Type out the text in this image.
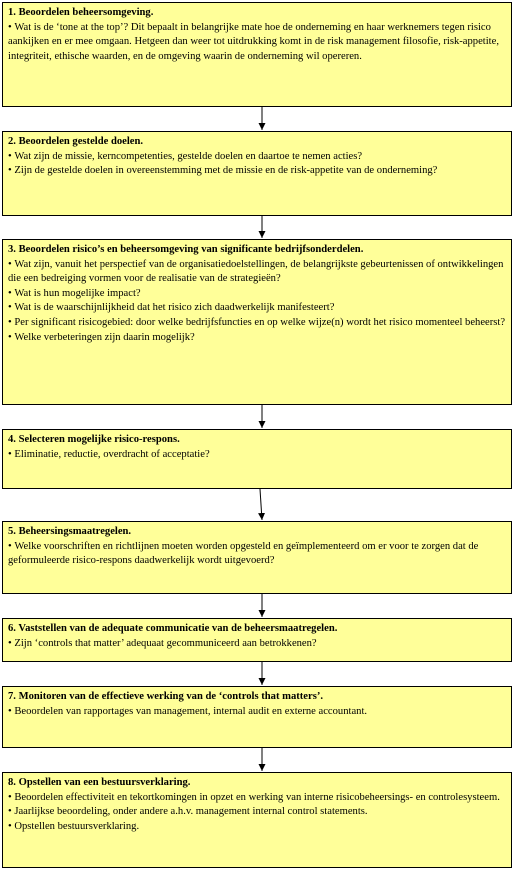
1. Beoordelen beheersomgeving.
• Wat is de ‘tone at the top’? Dit bepaalt in belangrijke mate hoe de onderneming en haar werknemers tegen risico aankijken en er mee omgaan. Hetgeen dan weer tot uitdrukking komt in de risk management filosofie, risk-appetite, integriteit, ethische waarden, en de omgeving waarin de onderneming wil opereren.
2. Beoordelen gestelde doelen.
• Wat zijn de missie, kerncompetenties, gestelde doelen en daartoe te nemen acties?
• Zijn de gestelde doelen in overeenstemming met de missie en de risk-appetite van de onderneming?
3. Beoordelen risico’s en beheersomgeving van significante bedrijfsonderdelen.
• Wat zijn, vanuit het perspectief van de organisatiedoelstellingen, de belangrijkste gebeurtenissen of ontwikkelingen die een bedreiging vormen voor de realisatie van de strategieën?
• Wat is hun mogelijke impact?
• Wat is de waarschijnlijkheid dat het risico zich daadwerkelijk manifesteert?
• Per significant risicogebied: door welke bedrijfsfuncties en op welke wijze(n) wordt het risico momenteel beheerst?
• Welke verbeteringen zijn daarin mogelijk?
4. Selecteren mogelijke risico-respons.
• Eliminatie, reductie, overdracht of acceptatie?
5. Beheersingsmaatregelen.
• Welke voorschriften en richtlijnen moeten worden opgesteld en geïmplementeerd om er voor te zorgen dat de geformuleerde risico-respons daadwerkelijk wordt uitgevoerd?
6. Vaststellen van de adequate communicatie van de beheersmaatregelen.
• Zijn ‘controls that matter’ adequaat gecommuniceerd aan betrokkenen?
7. Monitoren van de effectieve werking van de ‘controls that matters’.
• Beoordelen van rapportages van management, internal audit en externe accountant.
8. Opstellen van een bestuursverklaring.
• Beoordelen effectiviteit en tekortkomingen in opzet en werking van interne risicobeheersings- en controlesysteem.
• Jaarlijkse beoordeling, onder andere a.h.v. management internal control statements.
• Opstellen bestuursverklaring.
